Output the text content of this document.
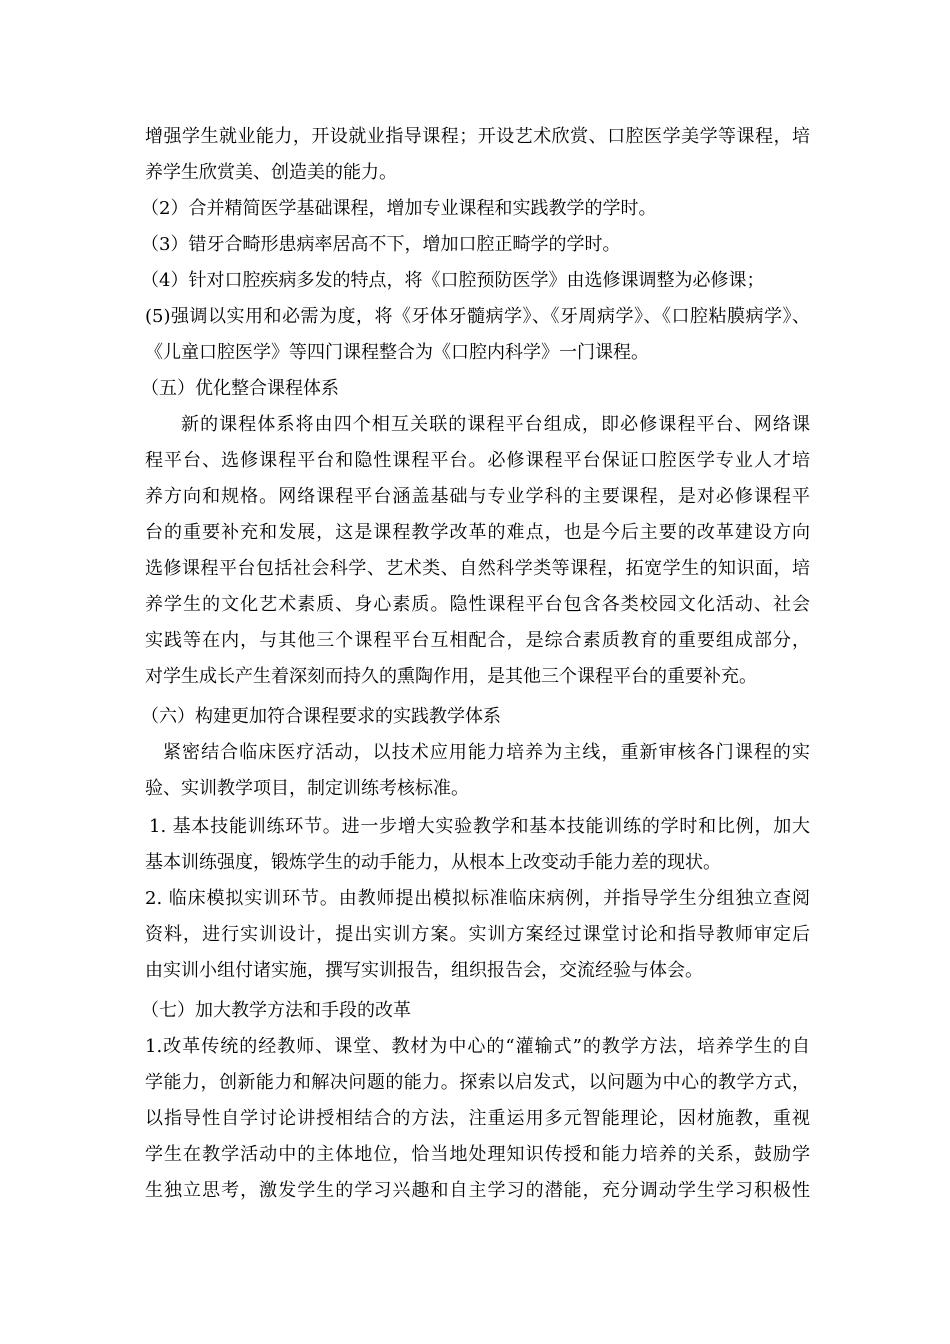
增强学生就业能力，开设就业指导课程；开设艺术欣赏、口腔医学美学等课程，培
养学生欣赏美、创造美的能力。
（2）合并精简医学基础课程，增加专业课程和实践教学的学时。
（3）错牙合畸形患病率居高不下，增加口腔正畸学的学时。
（4）针对口腔疾病多发的特点，将《口腔预防医学》由选修课调整为必修课；
(5)强调以实用和必需为度，将《牙体牙髓病学》、《牙周病学》、《口腔粘膜病学》、
《儿童口腔医学》等四门课程整合为《口腔内科学》一门课程。
（五）优化整合课程体系
新的课程体系将由四个相互关联的课程平台组成，即必修课程平台、网络课
程平台、选修课程平台和隐性课程平台。必修课程平台保证口腔医学专业人才培
养方向和规格。网络课程平台涵盖基础与专业学科的主要课程，是对必修课程平
台的重要补充和发展，这是课程教学改革的难点，也是今后主要的改革建设方向
选修课程平台包括社会科学、艺术类、自然科学类等课程，拓宽学生的知识面，培
养学生的文化艺术素质、身心素质。隐性课程平台包含各类校园文化活动、社会
实践等在内，与其他三个课程平台互相配合，是综合素质教育的重要组成部分，
对学生成长产生着深刻而持久的熏陶作用，是其他三个课程平台的重要补充。
（六）构建更加符合课程要求的实践教学体系
紧密结合临床医疗活动，以技术应用能力培养为主线，重新审核各门课程的实
验、实训教学项目，制定训练考核标准。
1. 基本技能训练环节。进一步增大实验教学和基本技能训练的学时和比例，加大
基本训练强度，锻炼学生的动手能力，从根本上改变动手能力差的现状。
2. 临床模拟实训环节。由教师提出模拟标准临床病例，并指导学生分组独立查阅
资料，进行实训设计，提出实训方案。实训方案经过课堂讨论和指导教师审定后
由实训小组付诸实施，撰写实训报告，组织报告会，交流经验与体会。
（七）加大教学方法和手段的改革
1.改革传统的经教师、课堂、教材为中心的“灌输式”的教学方法，培养学生的自
学能力，创新能力和解决问题的能力。探索以启发式，以问题为中心的教学方式，
以指导性自学讨论讲授相结合的方法，注重运用多元智能理论，因材施教，重视
学生在教学活动中的主体地位，恰当地处理知识传授和能力培养的关系，鼓励学
生独立思考，激发学生的学习兴趣和自主学习的潜能，充分调动学生学习积极性
